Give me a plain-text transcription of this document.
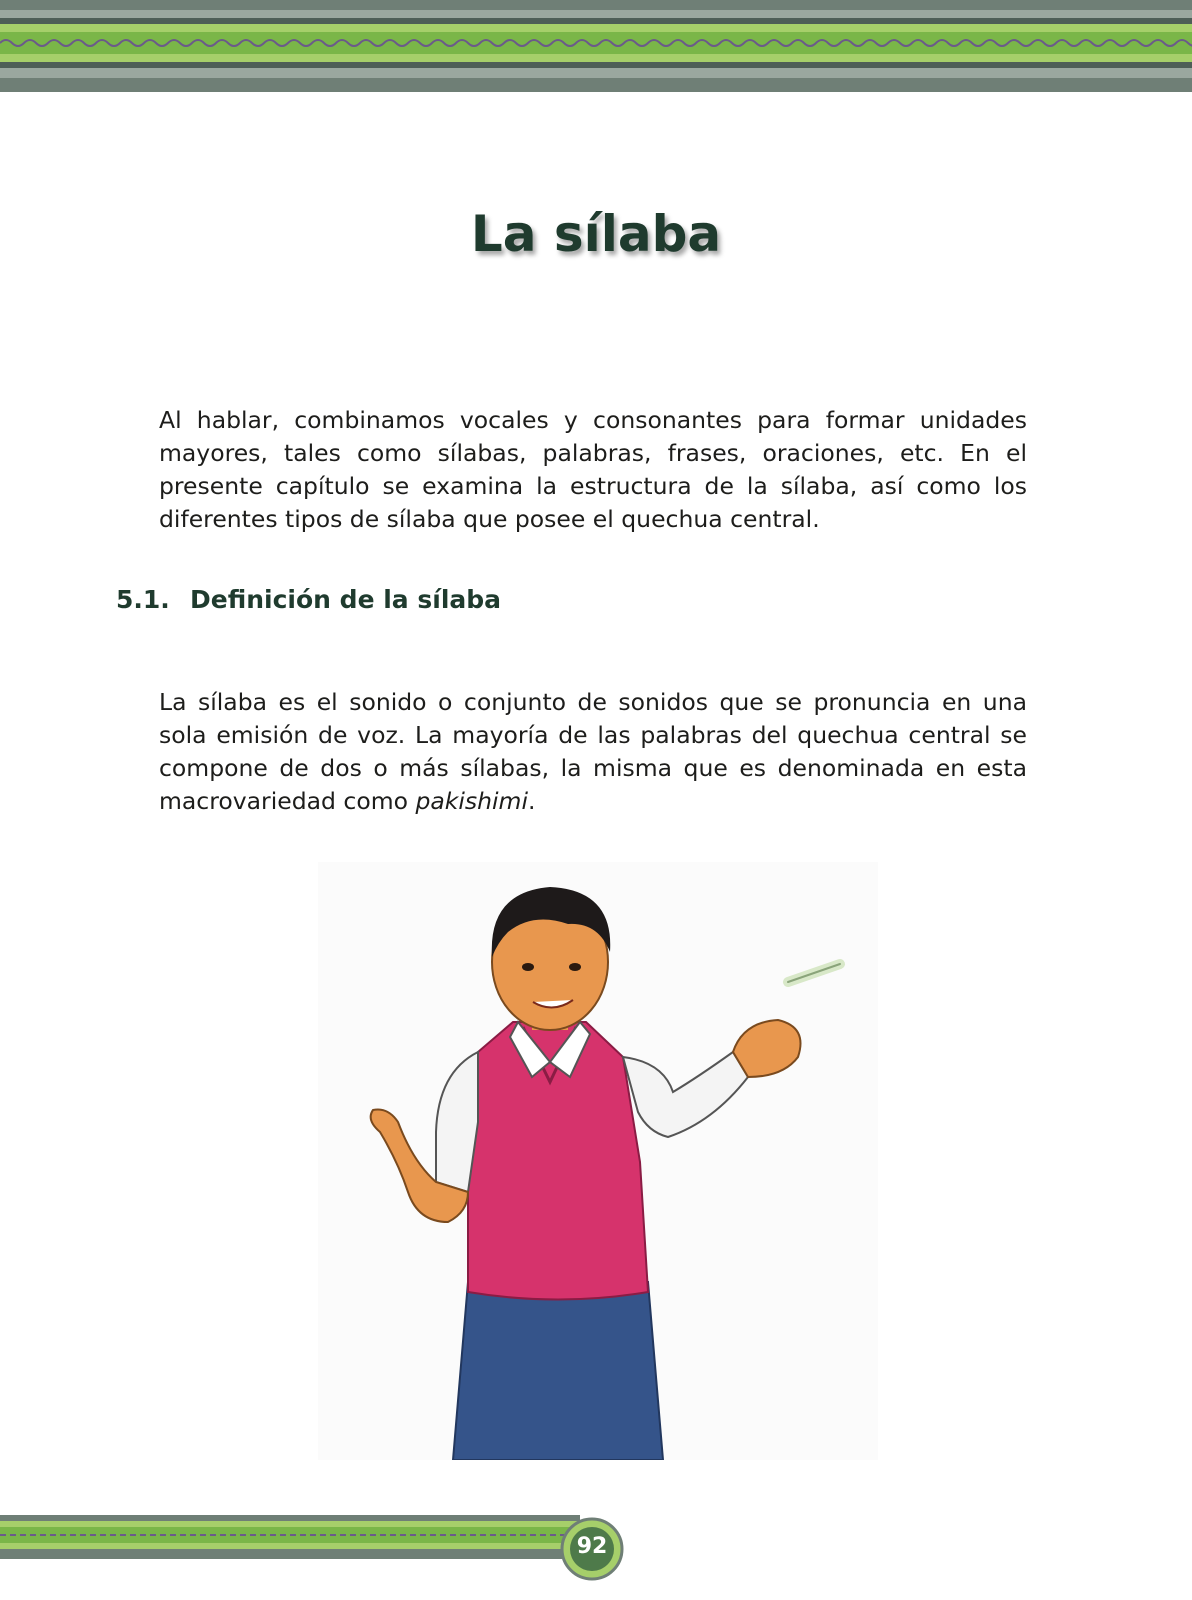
La sílaba

Al hablar, combinamos vocales y consonantes para formar unidades mayores, tales como sílabas, palabras, frases, oraciones, etc. En el presente capítulo se examina la estructura de la sílaba, así como los diferentes tipos de sílaba que posee el quechua central.

5.1. Definición de la sílaba

La sílaba es el sonido o conjunto de sonidos que se pronuncia en una sola emisión de voz. La mayoría de las palabras del quechua central se compone de dos o más sílabas, la misma que es denominada en esta macrovariedad como pakishimi.

92
